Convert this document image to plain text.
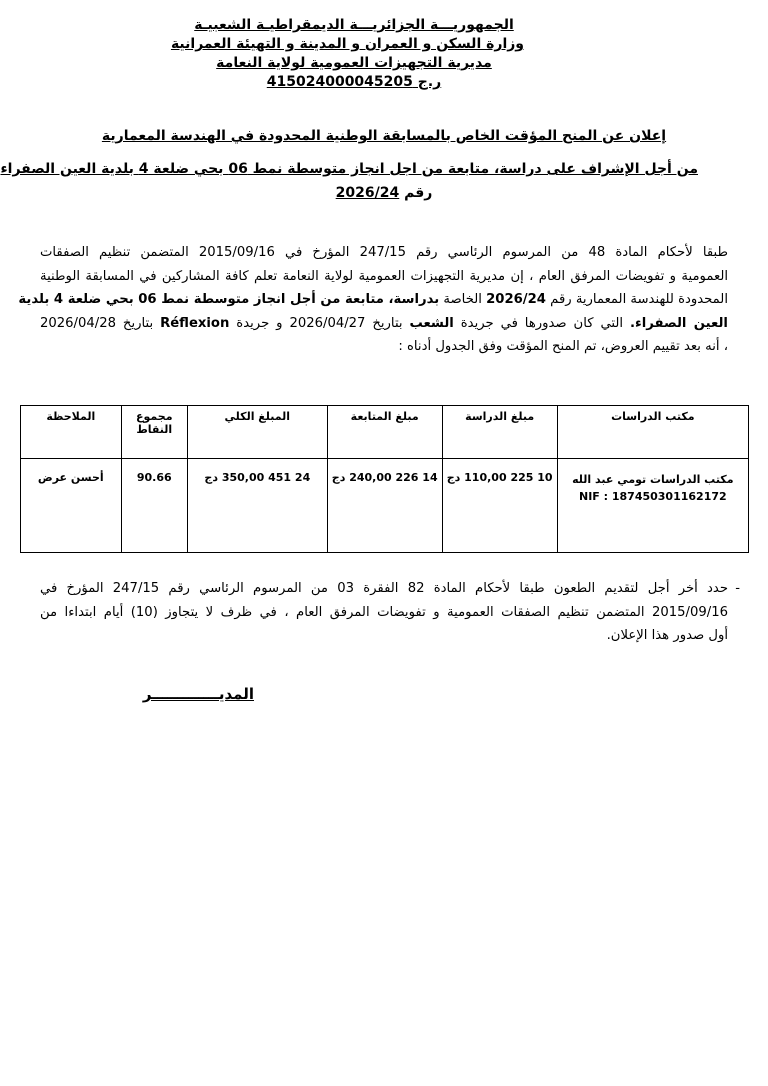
الجمهوريـــة الجزائريـــة الديمقراطيـة الشعبيـة
وزارة السكن و العمران و المدينة و التهيئة العمرانية
مديرية التجهيزات العمومية لولاية النعامة
ر.ج 415024000045205
إعلان عن المنح المؤقت الخاص بالمسابقة الوطنية المحدودة في الهندسة المعمارية
من أجل الإشراف على دراسة، متابعة من اجل انجاز متوسطة نمط 06 بحي ضلعة 4 بلدية العين الصفراء
رقم 2026/24
طبقا لأحكام المادة 48 من المرسوم الرئاسي رقم 247/15 المؤرخ في 2015/09/16 المتضمن تنظيم الصفقات
العمومية و تفويضات المرفق العام ، إن مديرية التجهيزات العمومية لولاية النعامة تعلم كافة المشاركين في المسابقة الوطنية
المحدودة للهندسة المعمارية رقم 2026/24 الخاصة بدراسة، متابعة من أجل انجاز متوسطة نمط 06 بحي ضلعة 4 بلدية
العين الصفراء. التي كان صدورها في جريدة الشعب بتاريخ 2026/04/27 و جريدة Réflexion بتاريخ 2026/04/28
، أنه بعد تقييم العروض، تم المنح المؤقت وفق الجدول أدناه :
مكتب الدراسات	مبلغ الدراسة	مبلغ المتابعة	المبلغ الكلي	مجموع النقاط	الملاحظة
مكتب الدراسات تومي عبد الله
NIF : 187450301162172	10 225 110,00 دج	14 226 240,00 دج	24 451 350,00 دج	90.66	أحسن عرض
-
حدد أخر أجل لتقديم الطعون طبقا لأحكام المادة 82 الفقرة 03 من المرسوم الرئاسي رقم 247/15 المؤرخ في
2015/09/16 المتضمن تنظيم الصفقات العمومية و تفويضات المرفق العام ، في ظرف لا يتجاوز (10) أيام ابتداءا من
أول صدور هذا الإعلان.
المديـــــــــــــر
